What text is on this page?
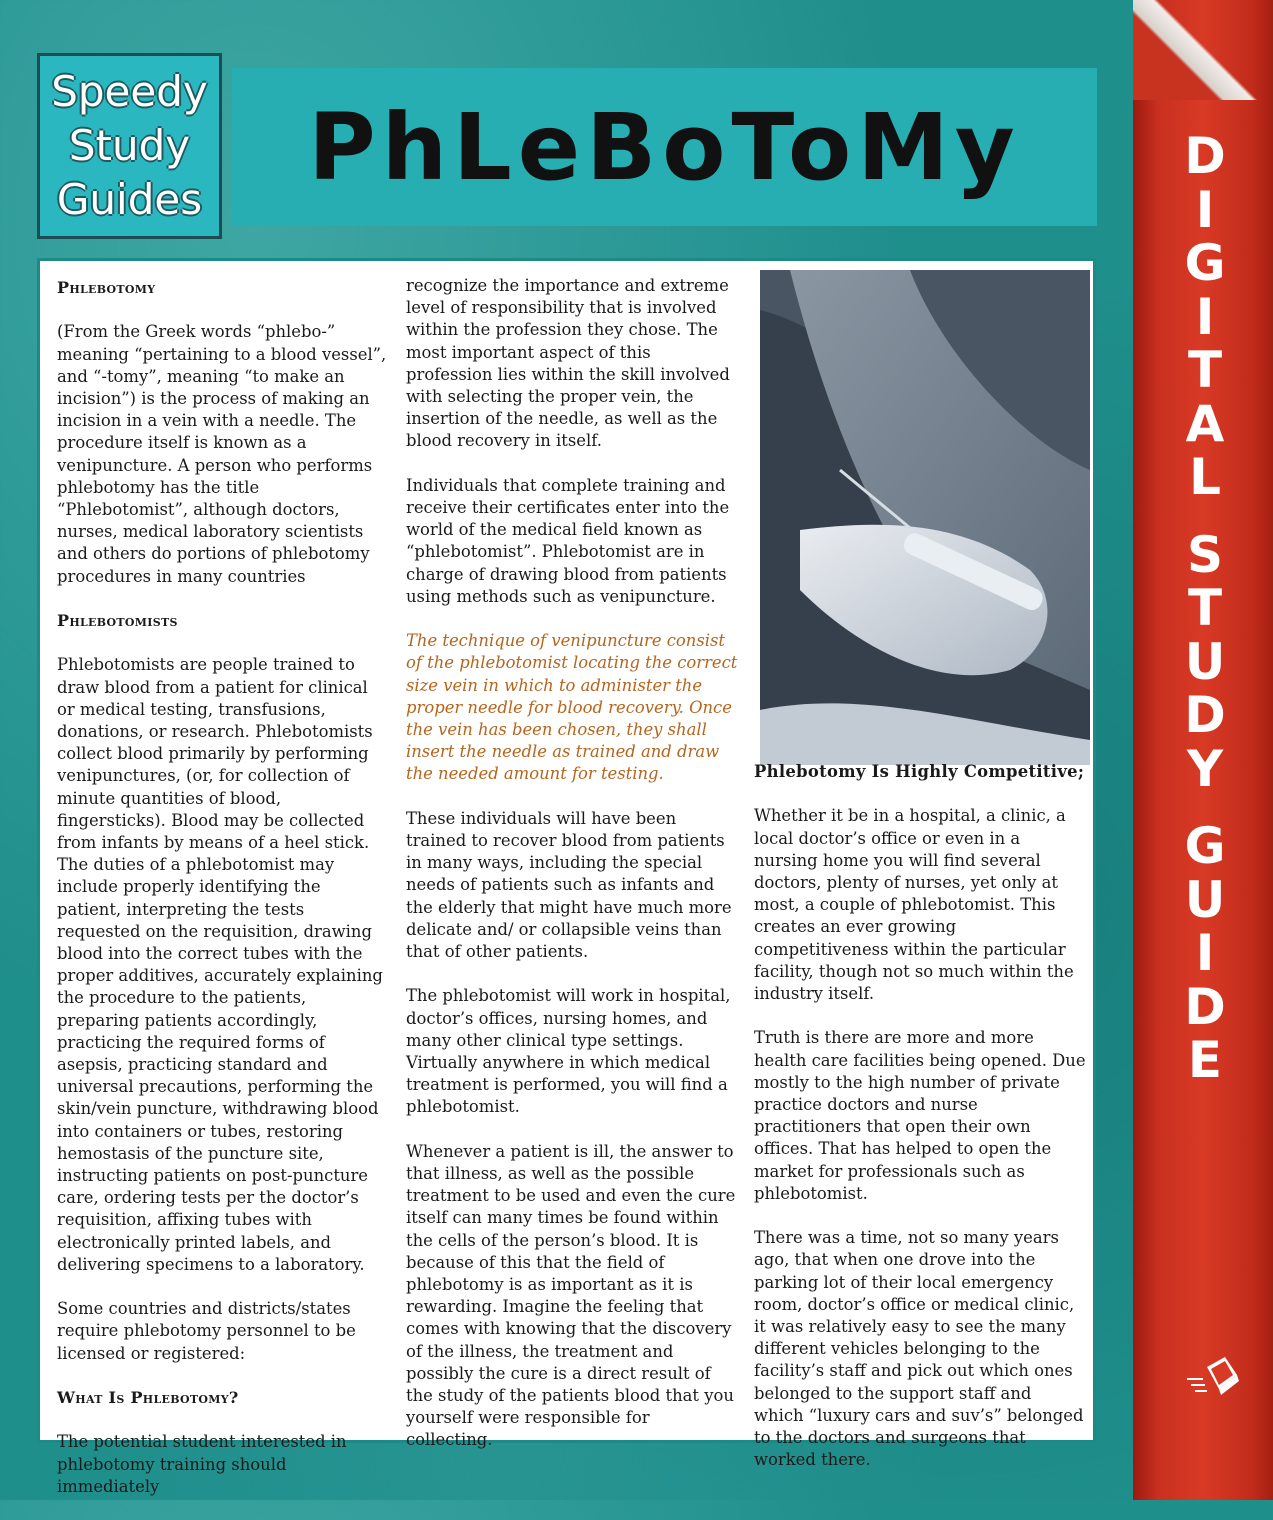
Speedy
Study
Guides PhLeBoToMy	D
I
G
I
T
A
L
S
T
U
D
Y
G
U
I
D
E
Phlebotomy

(From the Greek words “phlebo-” meaning “pertaining to a blood vessel”, and “-tomy”, meaning “to make an incision”) is the process of making an incision in a vein with a needle. The procedure itself is known as a venipuncture. A person who performs phlebotomy has the title “Phlebotomist”, although doctors, nurses, medical laboratory scientists and others do portions of phlebotomy procedures in many countries

Phlebotomists

Phlebotomists are people trained to draw blood from a patient for clinical or medical testing, transfusions, donations, or research. Phlebotomists collect blood primarily by performing venipunctures, (or, for collection of minute quantities of blood, fingersticks). Blood may be collected from infants by means of a heel stick. The duties of a phlebotomist may include properly identifying the patient, interpreting the tests requested on the requisition, drawing blood into the correct tubes with the proper additives, accurately explaining the procedure to the patients, preparing patients accordingly, practicing the required forms of asepsis, practicing standard and universal precautions, performing the skin/vein puncture, withdrawing blood into containers or tubes, restoring hemostasis of the puncture site, instructing patients on post-puncture care, ordering tests per the doctor’s requisition, affixing tubes with electronically printed labels, and delivering specimens to a laboratory.

Some countries and districts/states require phlebotomy personnel to be licensed or registered:

What Is Phlebotomy?

The potential student interested in phlebotomy training should immediately

recognize the importance and extreme level of responsibility that is involved within the profession they chose. The most important aspect of this profession lies within the skill involved with selecting the proper vein, the insertion of the needle, as well as the blood recovery in itself.

Individuals that complete training and receive their certificates enter into the world of the medical field known as “phlebotomist”. Phlebotomist are in charge of drawing blood from patients using methods such as venipuncture.

The technique of venipuncture consist of the phlebotomist locating the correct size vein in which to administer the proper needle for blood recovery. Once the vein has been chosen, they shall insert the needle as trained and draw the needed amount for testing.

These individuals will have been trained to recover blood from patients in many ways, including the special needs of patients such as infants and the elderly that might have much more delicate and/ or collapsible veins than that of other patients.

The phlebotomist will work in hospital, doctor’s offices, nursing homes, and many other clinical type settings. Virtually anywhere in which medical treatment is performed, you will find a phlebotomist.

Whenever a patient is ill, the answer to that illness, as well as the possible treatment to be used and even the cure itself can many times be found within the cells of the person’s blood. It is because of this that the field of phlebotomy is as important as it is rewarding. Imagine the feeling that comes with knowing that the discovery of the illness, the treatment and possibly the cure is a direct result of the study of the patients blood that you yourself were responsible for collecting.

Phlebotomy Is Highly Competitive;

Whether it be in a hospital, a clinic, a local doctor’s office or even in a nursing home you will find several doctors, plenty of nurses, yet only at most, a couple of phlebotomist. This creates an ever growing competitiveness within the particular facility, though not so much within the industry itself.

Truth is there are more and more health care facilities being opened. Due mostly to the high number of private practice doctors and nurse practitioners that open their own offices. That has helped to open the market for professionals such as phlebotomist.

There was a time, not so many years ago, that when one drove into the parking lot of their local emergency room, doctor’s office or medical clinic, it was relatively easy to see the many different vehicles belonging to the facility’s staff and pick out which ones belonged to the support staff and which “luxury cars and suv’s” belonged to the doctors and surgeons that worked there.
